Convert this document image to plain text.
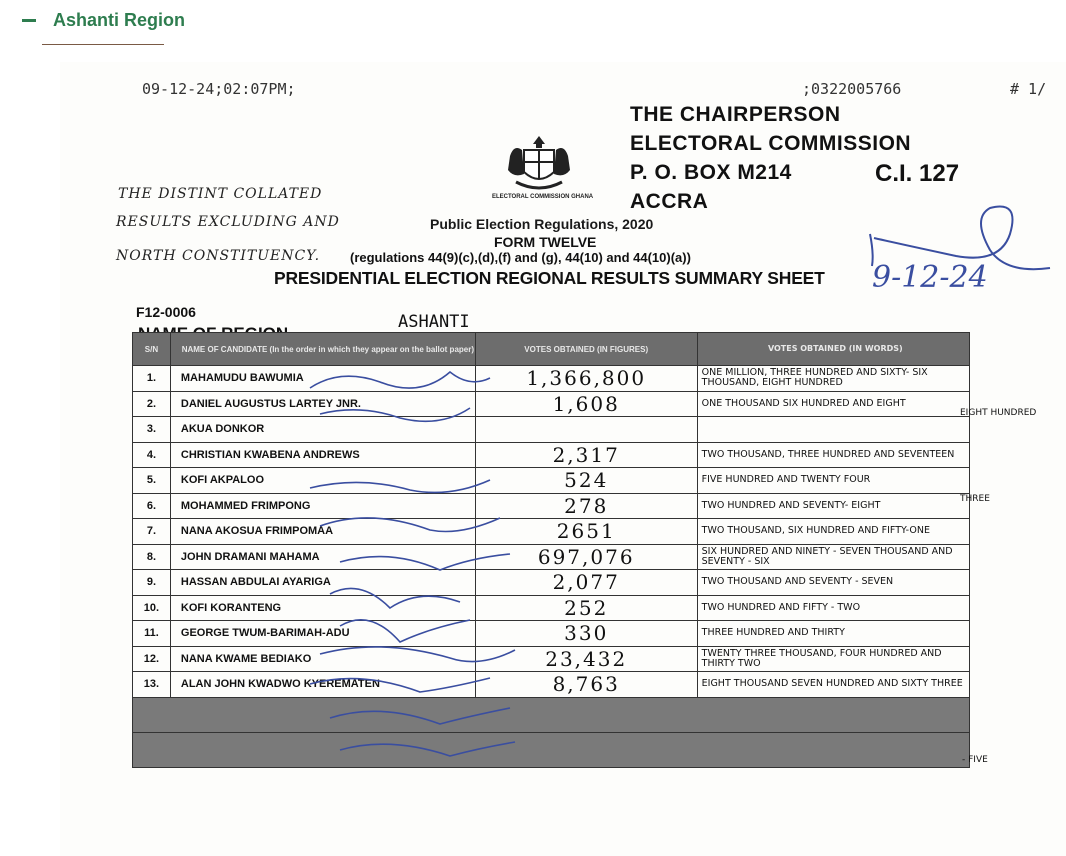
Ashanti Region
09-12-24;02:07PM;	;0322005766	# 1/
THE CHAIRPERSON
ELECTORAL COMMISSION
P. O. BOX M214
ACCRA
C.I. 127
ELECTORAL COMMISSION GHANA
THE DISTINT COLLATED
RESULTS EXCLUDING AND
NORTH CONSTITUENCY.
Public Election Regulations, 2020
FORM TWELVE
(regulations 44(9)(c),(d),(f) and (g), 44(10) and 44(10)(a))
PRESIDENTIAL ELECTION REGIONAL RESULTS SUMMARY SHEET 9-12-24
F12-0006	ASHANTI
S/N	NAME OF CANDIDATE (In the order in which they appear on the ballot paper)	VOTES OBTAINED (IN FIGURES)	VOTES OBTAINED (IN WORDS)
1.	MAHAMUDU BAWUMIA	1,366,800	ONE MILLION, THREE HUNDRED AND SIXTY- SIX THOUSAND, EIGHT HUNDRED
2.	DANIEL AUGUSTUS LARTEY JNR.	1,608	ONE THOUSAND SIX HUNDRED AND EIGHT
3.	AKUA DONKOR		
4.	CHRISTIAN KWABENA ANDREWS	2,317	TWO THOUSAND, THREE HUNDRED AND SEVENTEEN
5.	KOFI AKPALOO	524	FIVE HUNDRED AND TWENTY FOUR
6.	MOHAMMED FRIMPONG	278	TWO HUNDRED AND SEVENTY- EIGHT
7.	NANA AKOSUA FRIMPOMAA	2651	TWO THOUSAND, SIX HUNDRED AND FIFTY-ONE
8.	JOHN DRAMANI MAHAMA	697,076	SIX HUNDRED AND NINETY - SEVEN THOUSAND AND SEVENTY - SIX
9.	HASSAN ABDULAI AYARIGA	2,077	TWO THOUSAND AND SEVENTY - SEVEN
10.	KOFI KORANTENG	252	TWO HUNDRED AND FIFTY - TWO
11.	GEORGE TWUM-BARIMAH-ADU	330	THREE HUNDRED AND THIRTY
12.	NANA KWAME BEDIAKO	23,432	TWENTY THREE THOUSAND, FOUR HUNDRED AND THIRTY TWO
13.	ALAN JOHN KWADWO KYEREMATEN	8,763	EIGHT THOUSAND SEVEN HUNDRED AND SIXTY THREE

EIGHT HUNDRED
THREE
- FIVE
